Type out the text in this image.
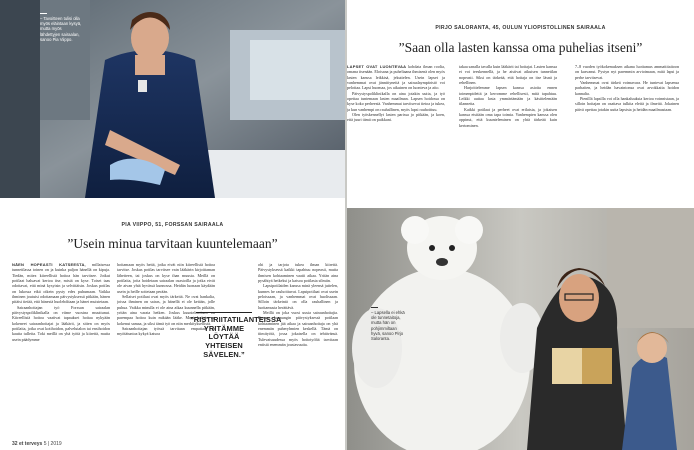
– Tavoitteen tulisi olla myös eläintaan kysyä, mutta myös lähdettyjen sairaalan, sanoo Pia Viippo.
PIA VIIPPO, 51, FORSSAN SAIRAALA
”Usein minua tarvitaan kuuntelemaan”

NÄEN HOPEASTI KATSEESTA, millaisessa tunnetilassa toinen on ja kuinka paljon hänellä on kipuja. Tiedän, mitex kiireellistä hoitoa hän tarvitsee. Jotkut potilaat haluavat kertoa itse, mistä on kyse. Toiset taas odottavat, että minä kysyisin ja selvittäisin. Joskus potilas on lukossa eikä oikein pysty edes puhumaan. Vaikka ihminen joutuisi odottamaan päivystyksessä pitkään, hänen pitäisi tietää, että hänestä huolehditaan ja hänet muistetaan.

Sairaanhoitajan työ Forssan sairaalan päivystyspoliklinikalla on viime vuosina muuttunut. Kiireellisiä hoitoa vaativat tapaukset hoitaa nykyään kokeneet sairaanhoitajat ja lääkärit, ja sitten on myös potilaita, jotka ovat kotihoidon, palvelutalon tai ensihoidon kautta tulleita. Toki meillä on yhä työtä ja kiirettä, mutta usein päädymme

hoitamaan myös heitä, jotka eivät niin kiireellistä hoitoa tarvitse. Joskus potilas tarvitsee vain lääkärin kirjoittaman lähetteen, tai joskus on kyse ihan muusta. Meillä on potilaita, joita hoidetaan sairaalan osastoilla ja jotka eivät ole aivan yhtä hyvässä kunnossa. Heidän luonaan käydään usein ja heille soitetaan perään.

Sellaiset potilaat ovat myös tärkeitä. Ne ovat hankalia, joissa ihminen on sairas, ja hänellä ei ole ketään, jolle puhua. Vaikka minulla ei ole aina aikaa kuunnella pitkään, yritän aina varata hetken. Joskus kuunteleminen on parempaa hoitoa kuin mikään lääke. Moni hoitaja on kokenut samaa, ja siksi tämä työ on niin merkityksellistä.

Sairaanhoitajan työssä tarvitaan empatiaa ja myötätuntoa kykyä katsoa

”RISTIRIITATILANTEISSA YRITÄMME LÖYTÄÄ YHTEISEN SÄVELEN.”

ohi ja tarjota tukea ilman kiirettä. Päivystyksessä kaikki tapahtuu nopeasti, mutta ihmisen kohtaaminen vaatii aikaa. Yritän aina pysähtyä hetkeksi ja katsoa potilasta silmiin.

Lapsipotilaiden kanssa minä yleensä juttelen, kunnes he rauhoittuvat. Lapsipotilaat ovat usein peloissaan, ja vanhemmat ovat huolissaan. Silloin tärkeintä on olla rauhallinen ja luottamusta herättävä.

Meillä on joka vuosi uusia sairaanhoitajia. Pienen kaupungin päivystyksessä potilaan kohtaaminen jää aikaa ja sairaanhoitaja on yhä enemmän puheryhmien keskellä. Tämä on tiimityötä, jossa jokaisella on tehtävänsä. Tulevaisuudessa myös hoitotyöltä tarvitaan entistä enemmän joustavuutta.

32 et terveys 5 | 2019
PIRJO SALORANTA, 45, OULUN YLIOPISTOLLINEN SAIRAALA
”Saan olla lasten kanssa oma puhelias itseni”

LAPSET OVAT LUONTEVAA kohdata ilman roolia, omana itsenään. Eloisana ja puheliaana ihmisenä olen myös lasten kanssa leikkisä, jekuttelen. Usein lapset ja vanhemmat ovat jännittyneitä ja sairaalaympäristö voi pelottaa. Lapsi huomaa, jos aikuinen on luonteva ja aito.

Päivystyspoliklinikalla on aina jotakin uutta, ja työ opettaa tuntemaan lasten maailman. Lapsen hoidossa on kyse koko perheestä. Vanhemmat tarvitsevat tietoa ja tukea, ja kun vanhempi on rauhallinen, myös lapsi rauhoittuu.

Olen työskennellyt lasten parissa jo pitkään, ja koen, että juuri tämä on paikkani.

takaa sanalla tavalla kuin lääkärit tai hoitajat. Lasten kanssa ei voi teeskennellä, ja he aistivat aikuisen tunnetilan nopeasti. Siksi on tärkeää, että hoitaja on itse läsnä ja rehellinen.

Harjoittelemme lapsen kanssa asioita ennen toimenpidettä ja kerromme rehellisesti, mitä tapahtuu. Leikki auttaa lasta ymmärtämään ja käsittelemään tilannetta.

Kaikki potilaat ja perheet ovat erilaisia, ja jokaisen kanssa etsitään oma tapa toimia. Vanhempien kanssa olen oppinut, että kuunteleminen on yhtä tärkeää kuin kertominen.

7–8 vuoden työkokemuksen aikana luottamus ammattitaitoon on kasvanut. Pystyn nyt paremmin arvioimaan, mitä lapsi ja perhe tarvitsevat.

Vanhemmat ovat tärkeä voimavara. He tuntevat lapsensa parhaiten, ja heidän havaintonsa ovat arvokkaita hoidon kannalta.

Pienillä lapsilla voi olla hankaluuksia kertoa voinnistaan, ja silloin hoitajan on osattava tulkita eleitä ja ilmeitä. Jokainen päivä opettaa jotakin uutta lapsista ja heidän maailmastaan.

– Lapsella ei ehkä ole tunnetaitoja, mutta hän on pohjimmiltaan hyvä, sanoo Pirjo Saloranta.
